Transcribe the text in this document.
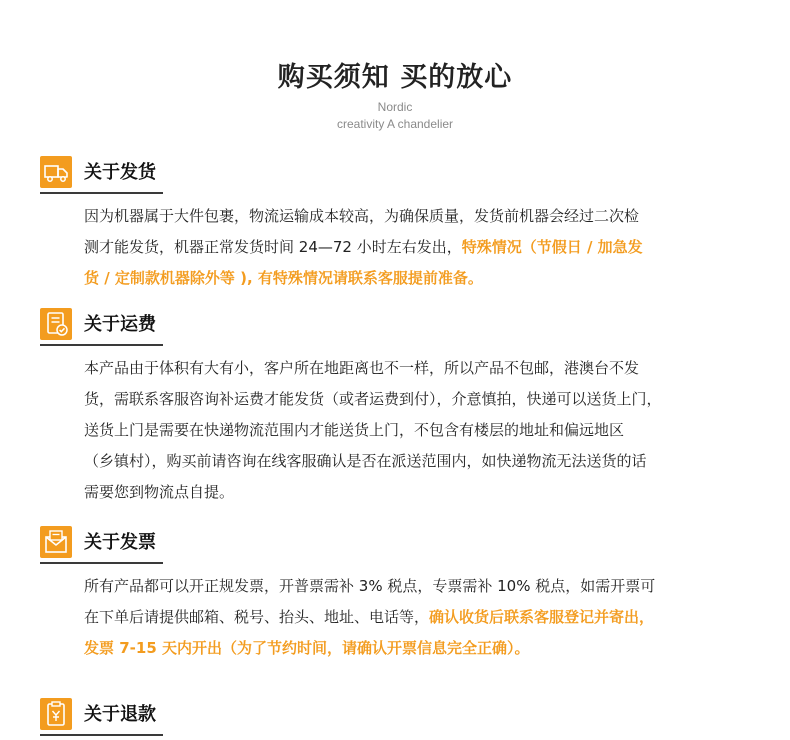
购买须知 买的放心
Nordic
creativity A chandelier
关于发货
因为机器属于大件包裹，物流运输成本较高，为确保质量，发货前机器会经过二次检
测才能发货，机器正常发货时间 24—72 小时左右发出，特殊情况（节假日 / 加急发
货 / 定制款机器除外等 ), 有特殊情况请联系客服提前准备。
关于运费
本产品由于体积有大有小，客户所在地距离也不一样，所以产品不包邮，港澳台不发
货，需联系客服咨询补运费才能发货（或者运费到付），介意慎拍，快递可以送货上门，
送货上门是需要在快递物流范围内才能送货上门，不包含有楼层的地址和偏远地区
（乡镇村），购买前请咨询在线客服确认是否在派送范围内，如快递物流无法送货的话
需要您到物流点自提。
关于发票
所有产品都可以开正规发票，开普票需补 3% 税点，专票需补 10% 税点，如需开票可
在下单后请提供邮箱、税号、抬头、地址、电话等，确认收货后联系客服登记并寄出，
发票 7-15 天内开出（为了节约时间，请确认开票信息完全正确）。
关于退款
